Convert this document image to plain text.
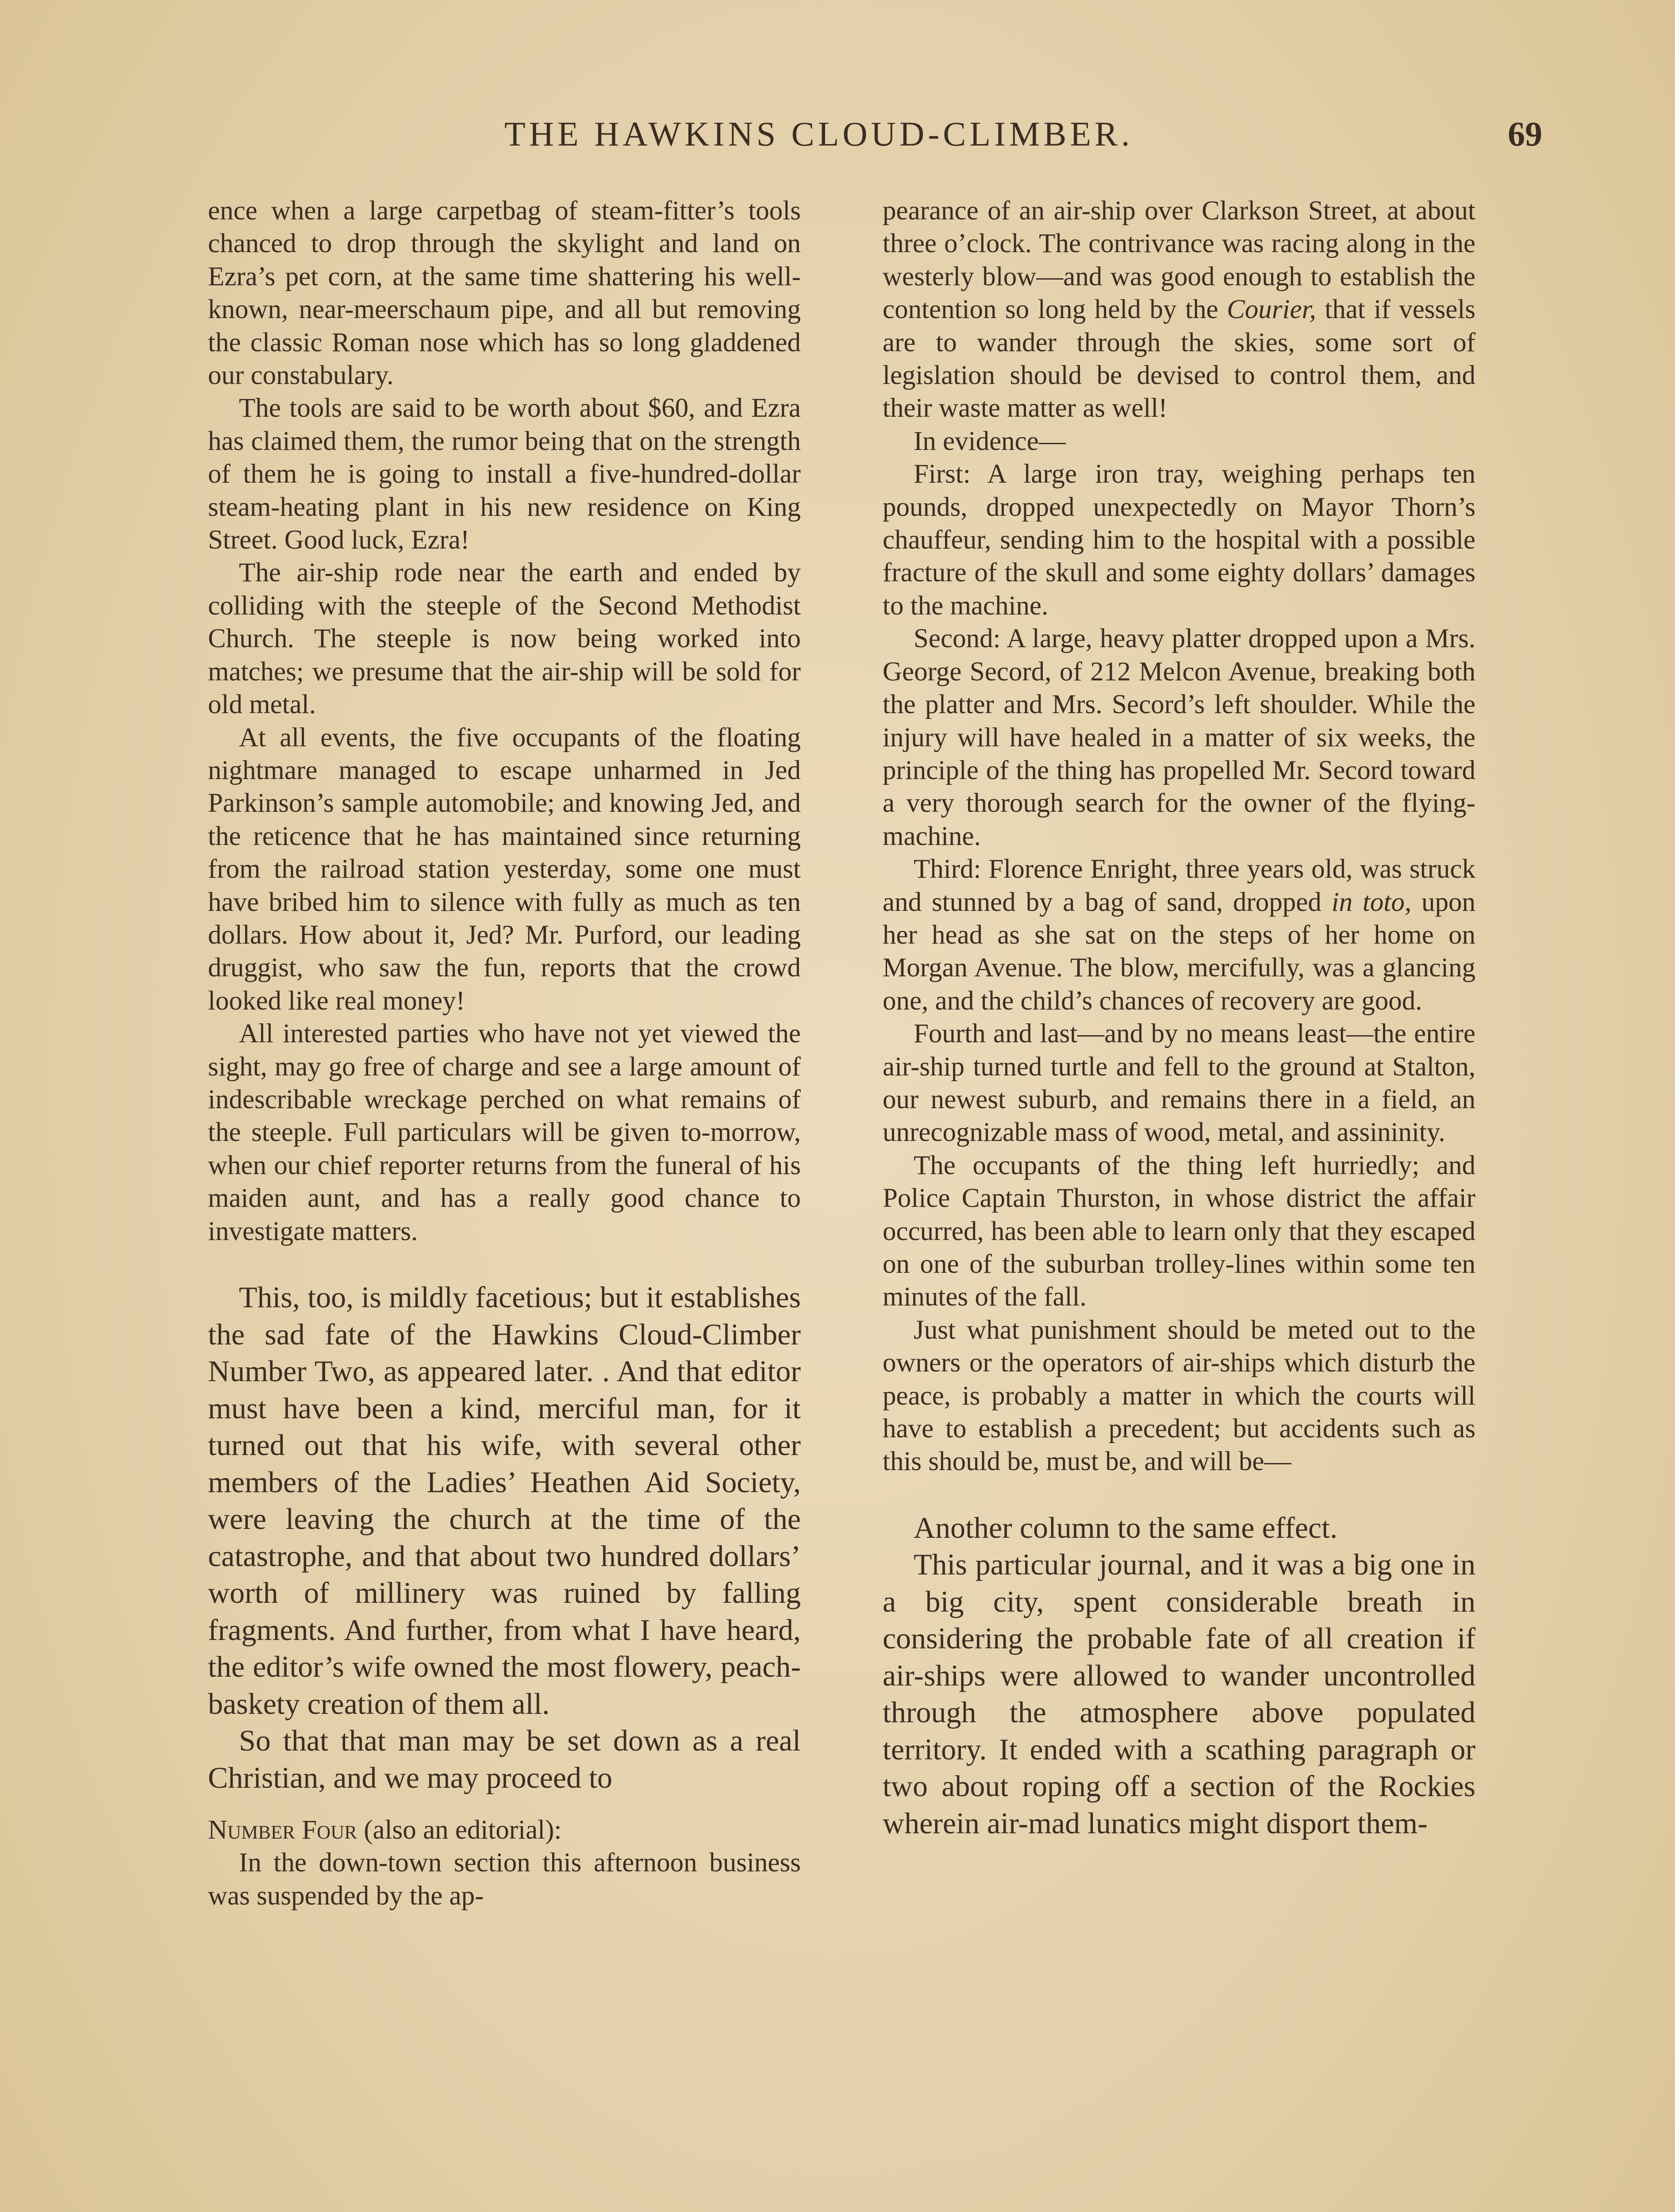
THE HAWKINS CLOUD-CLIMBER.	69

ence when a large carpetbag of steam-fitter’s tools chanced to drop through the skylight and land on Ezra’s pet corn, at the same time shattering his well-known, near-meerschaum pipe, and all but removing the classic Roman nose which has so long gladdened our constabulary.

The tools are said to be worth about $60, and Ezra has claimed them, the rumor being that on the strength of them he is going to install a five-hundred-dollar steam-heating plant in his new residence on King Street. Good luck, Ezra!

The air-ship rode near the earth and ended by colliding with the steeple of the Second Methodist Church. The steeple is now being worked into matches; we presume that the air-ship will be sold for old metal.

At all events, the five occupants of the floating nightmare managed to escape unharmed in Jed Parkinson’s sample automobile; and knowing Jed, and the reticence that he has maintained since returning from the railroad station yesterday, some one must have bribed him to silence with fully as much as ten dollars. How about it, Jed? Mr. Purford, our leading druggist, who saw the fun, reports that the crowd looked like real money!

All interested parties who have not yet viewed the sight, may go free of charge and see a large amount of indescribable wreckage perched on what remains of the steeple. Full particulars will be given to-morrow, when our chief reporter returns from the funeral of his maiden aunt, and has a really good chance to investigate matters.

This, too, is mildly facetious; but it establishes the sad fate of the Hawkins Cloud-Climber Number Two, as appeared later. . And that editor must have been a kind, merciful man, for it turned out that his wife, with several other members of the Ladies’ Heathen Aid Society, were leaving the church at the time of the catastrophe, and that about two hundred dollars’ worth of millinery was ruined by falling fragments. And further, from what I have heard, the editor’s wife owned the most flowery, peach-baskety creation of them all.

So that that man may be set down as a real Christian, and we may proceed to

Number Four (also an editorial):

In the down-town section this afternoon business was suspended by the ap-

pearance of an air-ship over Clarkson Street, at about three o’clock. The contrivance was racing along in the westerly blow—and was good enough to establish the contention so long held by the Courier, that if vessels are to wander through the skies, some sort of legislation should be devised to control them, and their waste matter as well!

In evidence—

First: A large iron tray, weighing perhaps ten pounds, dropped unexpectedly on Mayor Thorn’s chauffeur, sending him to the hospital with a possible fracture of the skull and some eighty dollars’ damages to the machine.

Second: A large, heavy platter dropped upon a Mrs. George Secord, of 212 Melcon Avenue, breaking both the platter and Mrs. Secord’s left shoulder. While the injury will have healed in a matter of six weeks, the principle of the thing has propelled Mr. Secord toward a very thorough search for the owner of the flying-machine.

Third: Florence Enright, three years old, was struck and stunned by a bag of sand, dropped in toto, upon her head as she sat on the steps of her home on Morgan Avenue. The blow, mercifully, was a glancing one, and the child’s chances of recovery are good.

Fourth and last—and by no means least—the entire air-ship turned turtle and fell to the ground at Stalton, our newest suburb, and remains there in a field, an unrecognizable mass of wood, metal, and assininity.

The occupants of the thing left hurriedly; and Police Captain Thurston, in whose district the affair occurred, has been able to learn only that they escaped on one of the suburban trolley-lines within some ten minutes of the fall.

Just what punishment should be meted out to the owners or the operators of air-ships which disturb the peace, is probably a matter in which the courts will have to establish a precedent; but accidents such as this should be, must be, and will be—

Another column to the same effect.

This particular journal, and it was a big one in a big city, spent considerable breath in considering the probable fate of all creation if air-ships were allowed to wander uncontrolled through the atmosphere above populated territory. It ended with a scathing paragraph or two about roping off a section of the Rockies wherein air-mad lunatics might disport them-
